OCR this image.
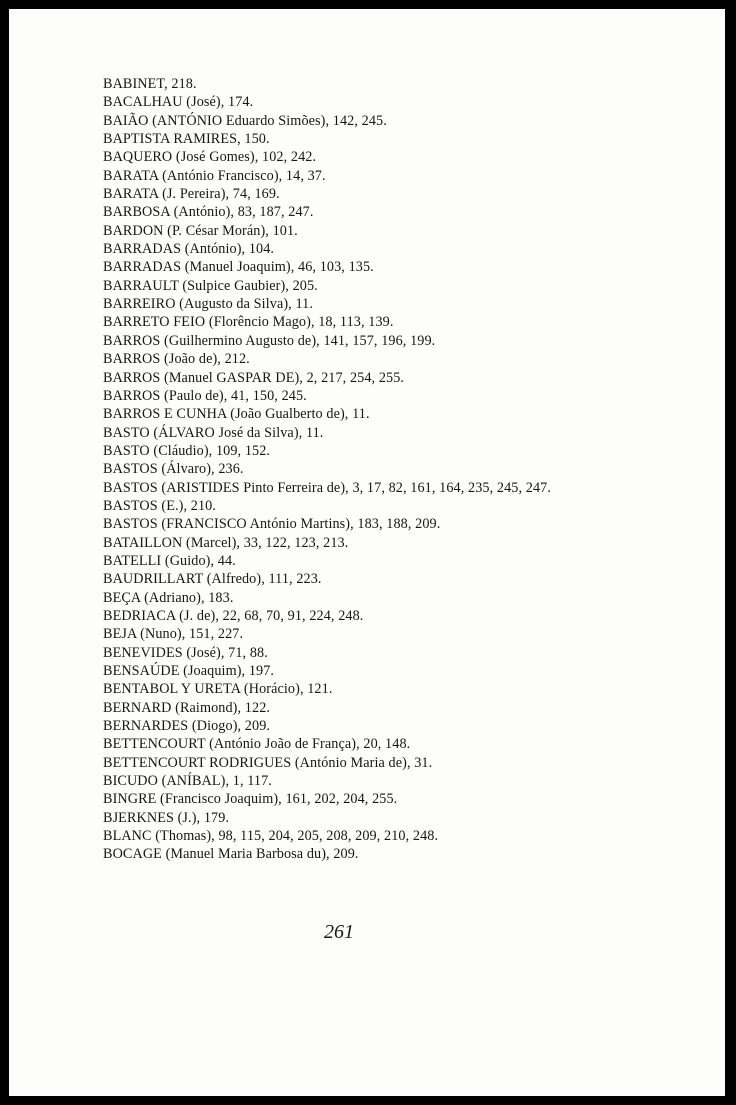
BABINET, 218.
BACALHAU (José), 174.
BAIÃO (ANTÓNIO Eduardo Simões), 142, 245.
BAPTISTA RAMIRES, 150.
BAQUERO (José Gomes), 102, 242.
BARATA (António Francisco), 14, 37.
BARATA (J. Pereira), 74, 169.
BARBOSA (António), 83, 187, 247.
BARDON (P. César Morán), 101.
BARRADAS (António), 104.
BARRADAS (Manuel Joaquim), 46, 103, 135.
BARRAULT (Sulpice Gaubier), 205.
BARREIRO (Augusto da Silva), 11.
BARRETO FEIO (Florêncio Mago), 18, 113, 139.
BARROS (Guilhermino Augusto de), 141, 157, 196, 199.
BARROS (João de), 212.
BARROS (Manuel GASPAR DE), 2, 217, 254, 255.
BARROS (Paulo de), 41, 150, 245.
BARROS E CUNHA (João Gualberto de), 11.
BASTO (ÁLVARO José da Silva), 11.
BASTO (Cláudio), 109, 152.
BASTOS (Álvaro), 236.
BASTOS (ARISTIDES Pinto Ferreira de), 3, 17, 82, 161, 164, 235, 245, 247.
BASTOS (E.), 210.
BASTOS (FRANCISCO António Martins), 183, 188, 209.
BATAILLON (Marcel), 33, 122, 123, 213.
BATELLI (Guido), 44.
BAUDRILLART (Alfredo), 111, 223.
BEÇA (Adriano), 183.
BEDRIACA (J. de), 22, 68, 70, 91, 224, 248.
BEJA (Nuno), 151, 227.
BENEVIDES (José), 71, 88.
BENSAÚDE (Joaquim), 197.
BENTABOL Y URETA (Horácio), 121.
BERNARD (Raimond), 122.
BERNARDES (Diogo), 209.
BETTENCOURT (António João de França), 20, 148.
BETTENCOURT RODRIGUES (António Maria de), 31.
BICUDO (ANÍBAL), 1, 117.
BINGRE (Francisco Joaquim), 161, 202, 204, 255.
BJERKNES (J.), 179.
BLANC (Thomas), 98, 115, 204, 205, 208, 209, 210, 248.
BOCAGE (Manuel Maria Barbosa du), 209.
261
